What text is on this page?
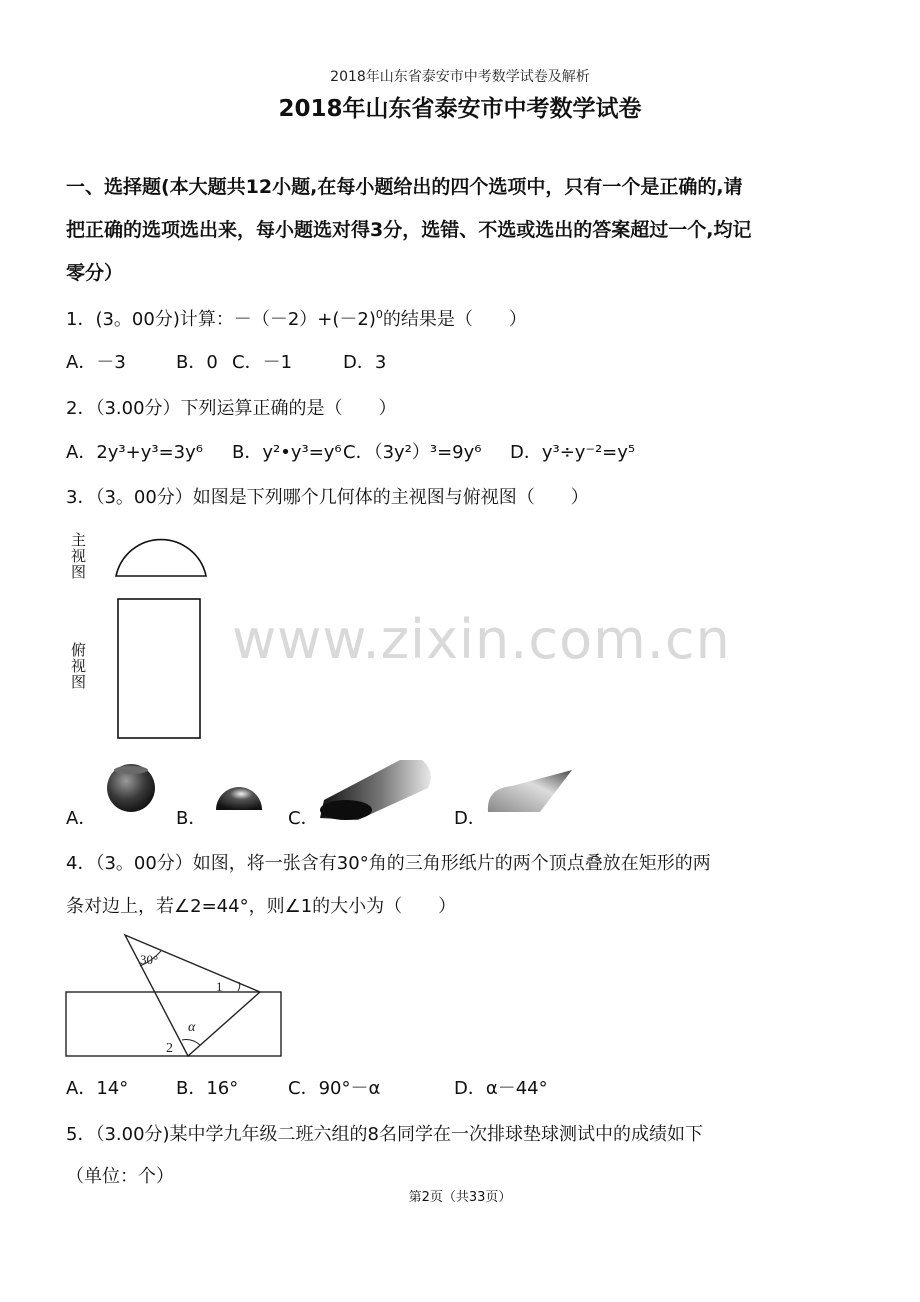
2018年山东省泰安市中考数学试卷及解析
2018年山东省泰安市中考数学试卷
一、选择题(本大题共12小题,在每小题给出的四个选项中，只有一个是正确的,请
把正确的选项选出来，每小题选对得3分，选错、不选或选出的答案超过一个,均记
零分）
1．(3。00分)计算：$-(-2)+(-2)^0$的结果是（　　）
A．－3	B．0 C．－1	D．3
2．（3.00分）下列运算正确的是（　　）
A．2y³+y³=3y⁶ B．y²•y³=y⁶ C．（3y²）³=9y⁶ D．y³÷y⁻²=y⁵
3．（3。00分）如图是下列哪个几何体的主视图与俯视图（　　）
主视图
俯视图	www.zixin.com.cn
A．	B．	C．	D．
4．（3。00分）如图，将一张含有30°角的三角形纸片的两个顶点叠放在矩形的两
条对边上，若∠2=44°，则∠1的大小为（　　）
30°
1
α
2
A．14°	B．16°	C．90°－α	D．α－44°
5．（3.00分)某中学九年级二班六组的8名同学在一次排球垫球测试中的成绩如下
（单位：个）
第2页（共33页）
